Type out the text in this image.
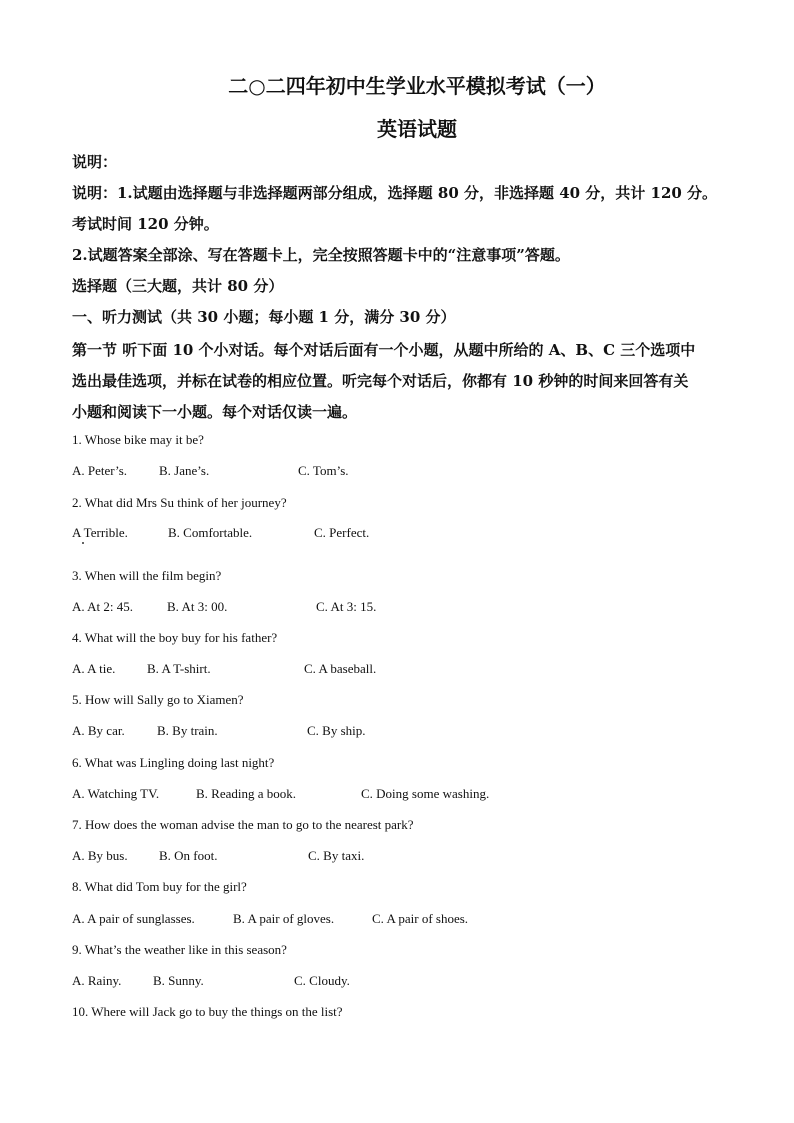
二○二四年初中生学业水平模拟考试（一）
英语试题
说明：
说明：1.试题由选择题与非选择题两部分组成，选择题 80 分，非选择题 40 分，共计 120 分。
考试时间 120 分钟。
2.试题答案全部涂、写在答题卡上，完全按照答题卡中的“注意事项”答题。
选择题（三大题，共计 80 分）
一、听力测试（共 30 小题；每小题 1 分，满分 30 分）
第一节 听下面 10 个小对话。每个对话后面有一个小题，从题中所给的 A、B、C 三个选项中
选出最佳选项，并标在试卷的相应位置。听完每个对话后，你都有 10 秒钟的时间来回答有关
小题和阅读下一小题。每个对话仅读一遍。
1. Whose bike may it be?
A. Peter’s. B. Jane’s.	C. Tom’s.
2. What did Mrs Su think of her journey?
A Terrible.	B. Comfortable.	C. Perfect.
3. When will the film begin?
A. At 2: 45.	B. At 3: 00.	C. At 3: 15.
4. What will the boy buy for his father?
A. A tie. B. A T-shirt.	C. A baseball.
5. How will Sally go to Xiamen?
A. By car. B. By train.	C. By ship.
6. What was Lingling doing last night?
A. Watching TV.	B. Reading a book.	C. Doing some washing.
7. How does the woman advise the man to go to the nearest park?
A. By bus. B. On foot.	C. By taxi.
8. What did Tom buy for the girl?
A. A pair of sunglasses.	B. A pair of gloves.	C. A pair of shoes.
9. What’s the weather like in this season?
A. Rainy. B. Sunny.	C. Cloudy.
10. Where will Jack go to buy the things on the list?
